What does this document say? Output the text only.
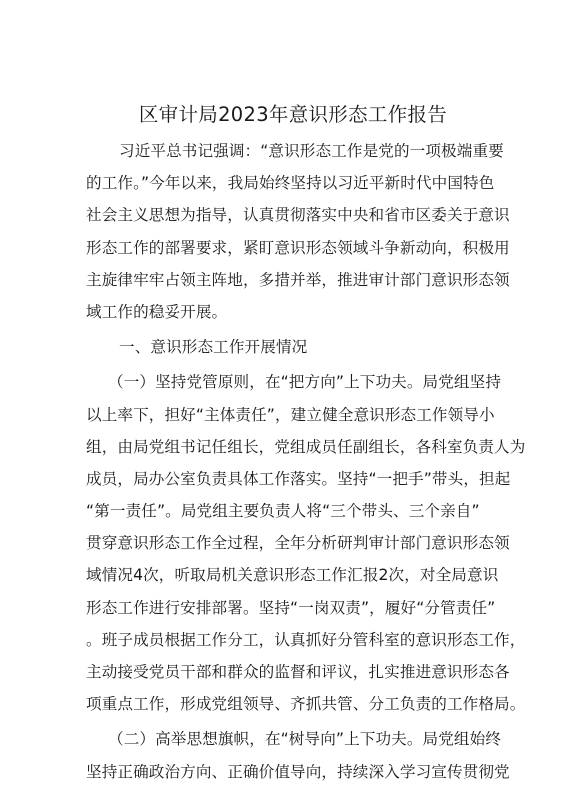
区审计局2023年意识形态工作报告
习近平总书记强调：“意识形态工作是党的一项极端重要
的工作。”今年以来，我局始终坚持以习近平新时代中国特色
社会主义思想为指导，认真贯彻落实中央和省市区委关于意识
形态工作的部署要求，紧盯意识形态领域斗争新动向，积极用
主旋律牢牢占领主阵地，多措并举，推进审计部门意识形态领
域工作的稳妥开展。
一、意识形态工作开展情况
（一）坚持党管原则，在“把方向”上下功夫。局党组坚持
以上率下，担好“主体责任”，建立健全意识形态工作领导小
组，由局党组书记任组长，党组成员任副组长，各科室负责人为
成员，局办公室负责具体工作落实。坚持“一把手”带头，担起
“第一责任”。局党组主要负责人将“三个带头、三个亲自”
贯穿意识形态工作全过程，全年分析研判审计部门意识形态领
域情况4次，听取局机关意识形态工作汇报2次，对全局意识
形态工作进行安排部署。坚持“一岗双责”，履好“分管责任”
。班子成员根据工作分工，认真抓好分管科室的意识形态工作，
主动接受党员干部和群众的监督和评议，扎实推进意识形态各
项重点工作，形成党组领导、齐抓共管、分工负责的工作格局。
（二）高举思想旗帜，在“树导向”上下功夫。局党组始终
坚持正确政治方向、正确价值导向，持续深入学习宣传贯彻党
